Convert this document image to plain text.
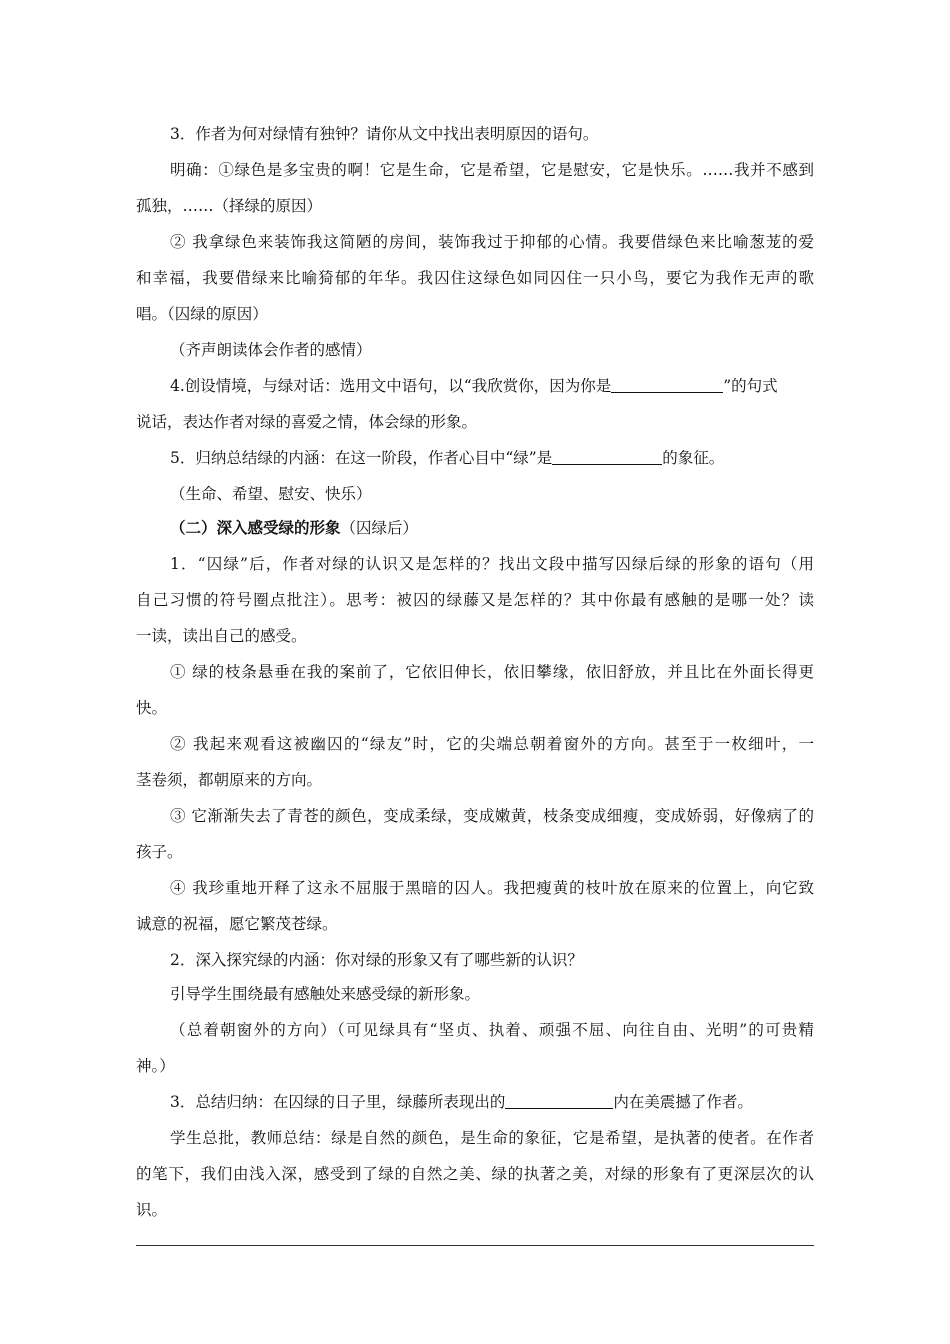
3．作者为何对绿情有独钟？请你从文中找出表明原因的语句。
明确：①绿色是多宝贵的啊！它是生命，它是希望，它是慰安，它是快乐。……我并不感到
孤独，……（择绿的原因）
② 我拿绿色来装饰我这简陋的房间，装饰我过于抑郁的心情。我要借绿色来比喻葱茏的爱
和幸福，我要借绿来比喻猗郁的年华。我囚住这绿色如同囚住一只小鸟，要它为我作无声的歌
唱。（囚绿的原因）
（齐声朗读体会作者的感情）
4.创设情境，与绿对话：选用文中语句，以“我欣赏你，因为你是	”的句式
说话，表达作者对绿的喜爱之情，体会绿的形象。
5．归纳总结绿的内涵：在这一阶段，作者心目中“绿”是	的象征。
（生命、希望、慰安、快乐）
（二）深入感受绿的形象（囚绿后）
1．“囚绿”后，作者对绿的认识又是怎样的？找出文段中描写囚绿后绿的形象的语句（用
自己习惯的符号圈点批注）。思考：被囚的绿藤又是怎样的？其中你最有感触的是哪一处？读
一读，读出自己的感受。
① 绿的枝条悬垂在我的案前了，它依旧伸长，依旧攀缘，依旧舒放，并且比在外面长得更
快。
② 我起来观看这被幽囚的“绿友”时，它的尖端总朝着窗外的方向。甚至于一枚细叶，一
茎卷须，都朝原来的方向。
③ 它渐渐失去了青苍的颜色，变成柔绿，变成嫩黄，枝条变成细瘦，变成娇弱，好像病了的
孩子。
④ 我珍重地开释了这永不屈服于黑暗的囚人。我把瘦黄的枝叶放在原来的位置上，向它致
诚意的祝福，愿它繁茂苍绿。
2．深入探究绿的内涵：你对绿的形象又有了哪些新的认识？
引导学生围绕最有感触处来感受绿的新形象。
（总着朝窗外的方向）（可见绿具有“坚贞、执着、顽强不屈、向往自由、光明”的可贵精
神。）
3．总结归纳：在囚绿的日子里，绿藤所表现出的	内在美震撼了作者。
学生总批，教师总结：绿是自然的颜色，是生命的象征，它是希望，是执著的使者。在作者
的笔下，我们由浅入深，感受到了绿的自然之美、绿的执著之美，对绿的形象有了更深层次的认
识。
